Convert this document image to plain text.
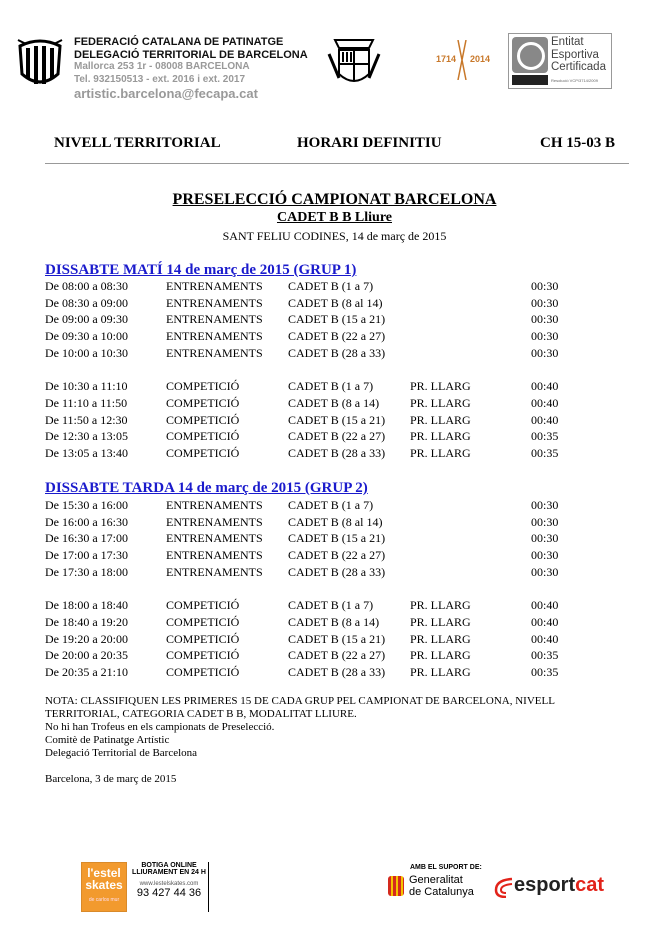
FEDERACIÓ CATALANA DE PATINATGE
DELEGACIÓ TERRITORIAL DE BARCELONA
Mallorca 253 1r - 08008 BARCELONA
Tel. 932150513 - ext. 2016 i ext. 2017
artistic.barcelona@fecapa.cat
1714 2014
Entitat
Esportiva
Certificada
Resolució VCP/3714/2009
NIVELL TERRITORIAL	HORARI DEFINITIU	CH 15-03 B
PRESELECCIÓ CAMPIONAT BARCELONA
CADET B B Lliure
SANT FELIU CODINES, 14 de març de 2015
DISSABTE MATÍ 14 de març de 2015 (GRUP 1)
De 08:00 a 08:30	ENTRENAMENTS CADET B (1 a 7)	00:30
De 08:30 a 09:00	ENTRENAMENTS CADET B (8 al 14)	00:30
De 09:00 a 09:30	ENTRENAMENTS CADET B (15 a 21)	00:30
De 09:30 a 10:00	ENTRENAMENTS CADET B (22 a 27)	00:30
De 10:00 a 10:30	ENTRENAMENTS CADET B (28 a 33)	00:30
De 10:30 a 11:10	COMPETICIÓ	CADET B (1 a 7)	PR. LLARG	00:40
De 11:10 a 11:50	COMPETICIÓ	CADET B (8 a 14)	PR. LLARG	00:40
De 11:50 a 12:30	COMPETICIÓ	CADET B (15 a 21) PR. LLARG	00:40
De 12:30 a 13:05	COMPETICIÓ	CADET B (22 a 27) PR. LLARG	00:35
De 13:05 a 13:40	COMPETICIÓ	CADET B (28 a 33) PR. LLARG	00:35
DISSABTE TARDA 14 de març de 2015 (GRUP 2)
De 15:30 a 16:00	ENTRENAMENTS CADET B (1 a 7)	00:30
De 16:00 a 16:30	ENTRENAMENTS CADET B (8 al 14)	00:30
De 16:30 a 17:00	ENTRENAMENTS CADET B (15 a 21)	00:30
De 17:00 a 17:30	ENTRENAMENTS CADET B (22 a 27)	00:30
De 17:30 a 18:00	ENTRENAMENTS CADET B (28 a 33)	00:30
De 18:00 a 18:40	COMPETICIÓ	CADET B (1 a 7)	PR. LLARG	00:40
De 18:40 a 19:20	COMPETICIÓ	CADET B (8 a 14)	PR. LLARG	00:40
De 19:20 a 20:00	COMPETICIÓ	CADET B (15 a 21) PR. LLARG	00:40
De 20:00 a 20:35	COMPETICIÓ	CADET B (22 a 27) PR. LLARG	00:35
De 20:35 a 21:10	COMPETICIÓ	CADET B (28 a 33) PR. LLARG	00:35
NOTA: CLASSIFIQUEN LES PRIMERES 15 DE CADA GRUP PEL CAMPIONAT DE BARCELONA, NIVELL TERRITORIAL, CATEGORIA CADET B B, MODALITAT LLIURE.
No hi han Trofeus en els campionats de Preselecció.
Comitè de Patinatge Artístic
Delegació Territorial de Barcelona
Barcelona, 3 de març de 2015
l'estel
skates
de carlos mur
BOTIGA ONLINE
LLIURAMENT EN 24 H
www.lestelskates.com
93 427 44 36
AMB EL SUPORT DE:
Generalitat
de Catalunya esportcat
